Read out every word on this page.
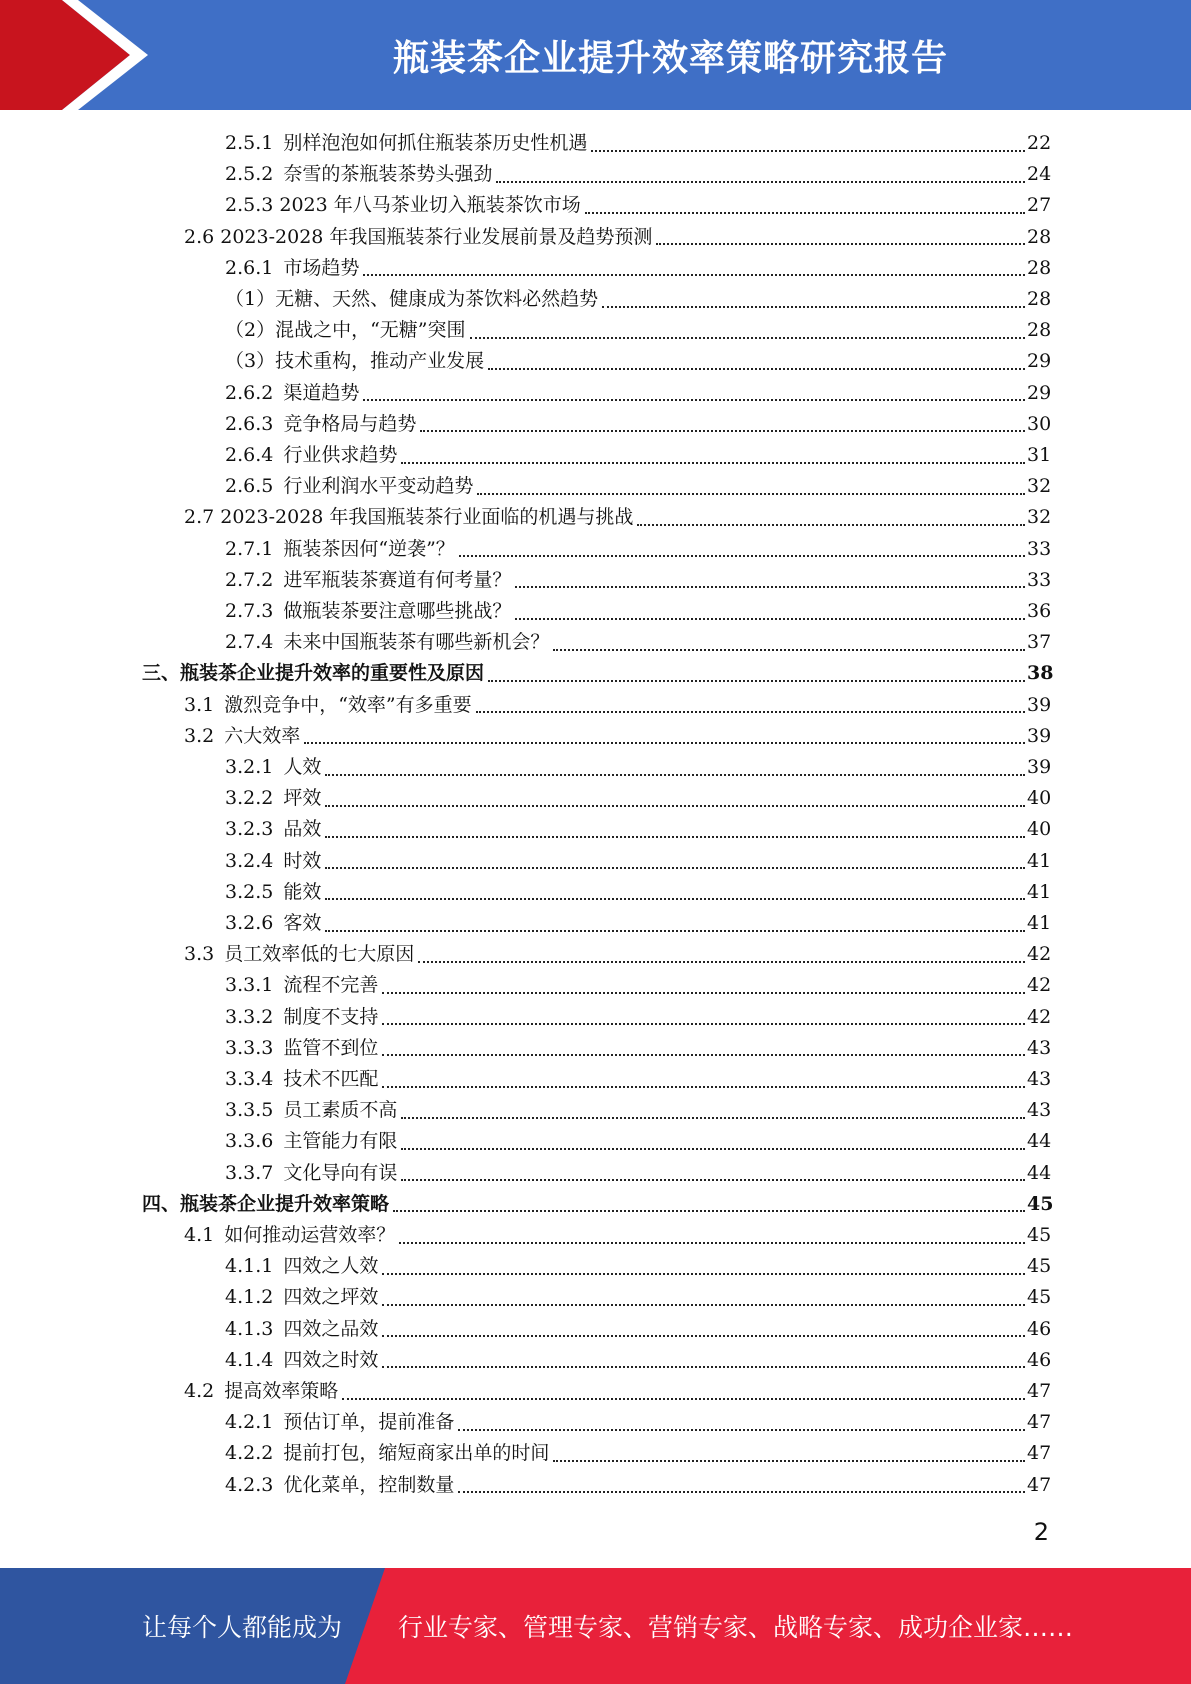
瓶装茶企业提升效率策略研究报告
2.5.1 别样泡泡如何抓住瓶装茶历史性机遇	22
2.5.2 奈雪的茶瓶装茶势头强劲	24
2.5.3 2023 年八马茶业切入瓶装茶饮市场	27
2.6 2023-2028 年我国瓶装茶行业发展前景及趋势预测	28
2.6.1 市场趋势	28
（1）无糖、天然、健康成为茶饮料必然趋势	28
（2）混战之中，“无糖”突围	28
（3）技术重构，推动产业发展	29
2.6.2 渠道趋势	29
2.6.3 竞争格局与趋势	30
2.6.4 行业供求趋势	31
2.6.5 行业利润水平变动趋势	32
2.7 2023-2028 年我国瓶装茶行业面临的机遇与挑战	32
2.7.1 瓶装茶因何“逆袭”？	33
2.7.2 进军瓶装茶赛道有何考量？	33
2.7.3 做瓶装茶要注意哪些挑战？	36
2.7.4 未来中国瓶装茶有哪些新机会？	37
三、瓶装茶企业提升效率的重要性及原因	38
3.1 激烈竞争中，“效率”有多重要	39
3.2 六大效率	39
3.2.1 人效	39
3.2.2 坪效	40
3.2.3 品效	40
3.2.4 时效	41
3.2.5 能效	41
3.2.6 客效	41
3.3 员工效率低的七大原因	42
3.3.1 流程不完善	42
3.3.2 制度不支持	42
3.3.3 监管不到位	43
3.3.4 技术不匹配	43
3.3.5 员工素质不高	43
3.3.6 主管能力有限	44
3.3.7 文化导向有误	44
四、瓶装茶企业提升效率策略	45
4.1 如何推动运营效率？	45
4.1.1 四效之人效	45
4.1.2 四效之坪效	45
4.1.3 四效之品效	46
4.1.4 四效之时效	46
4.2 提高效率策略	47
4.2.1 预估订单，提前准备	47
4.2.2 提前打包，缩短商家出单的时间	47
4.2.3 优化菜单，控制数量	47
2
让每个人都能成为 行业专家、管理专家、营销专家、战略专家、成功企业家……
